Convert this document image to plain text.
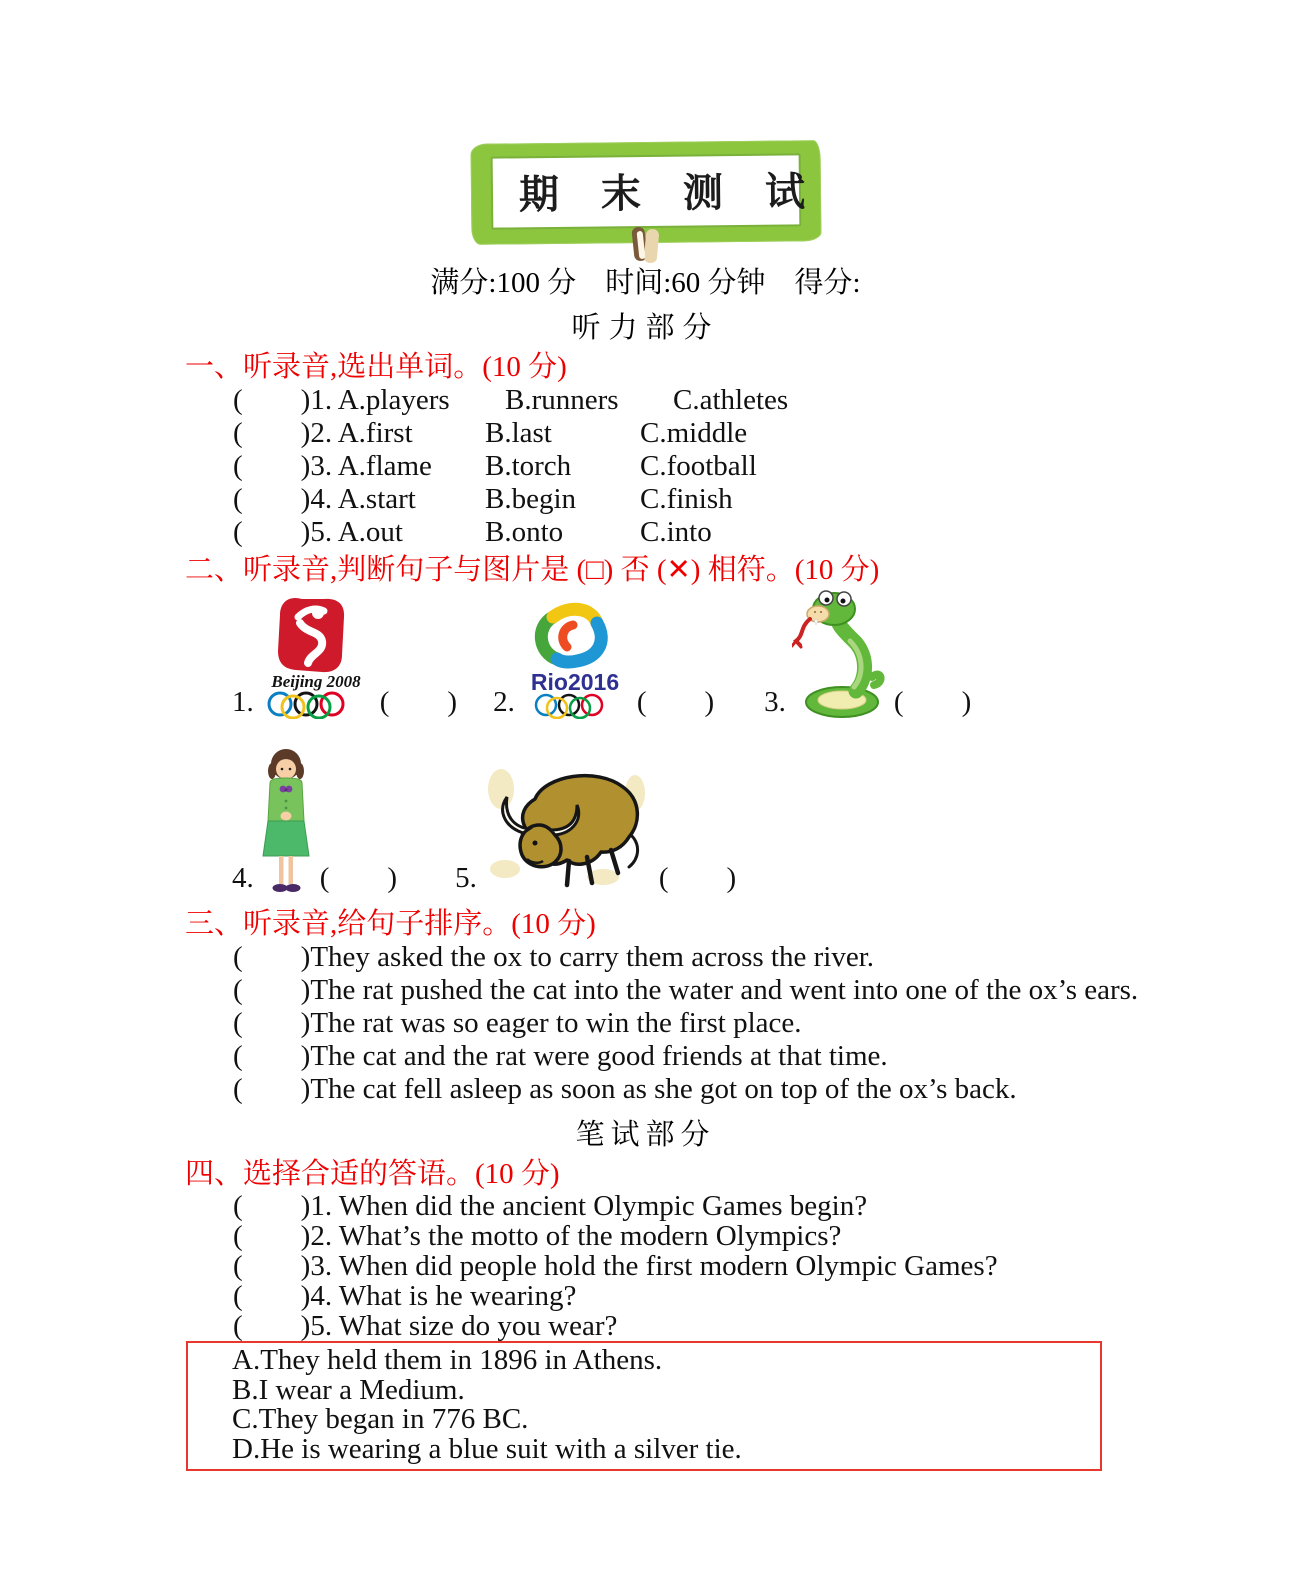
期 末 测 试
满分:100 分　时间:60 分钟　得分:
听力部分
一、听录音,选出单词。(10 分)
(　　)1. A.players	B.runners	C.athletes
(　　)2. A.first	B.last	C.middle
(　　)3. A.flame	B.torch	C.football
(　　)4. A.start	B.begin	C.finish
(　　)5. A.out	B.onto	C.into
二、听录音,判断句子与图片是 (□) 否 (✕) 相符。(10 分)
1.
Beijing 2008
(　　) 2.
Rio2016
(　　) 3.	(　　)
4. (　　) 5.	(　　)
三、听录音,给句子排序。(10 分)
(　　)They asked the ox to carry them across the river.
(　　)The rat pushed the cat into the water and went into one of the ox’s ears.
(　　)The rat was so eager to win the first place.
(　　)The cat and the rat were good friends at that time.
(　　)The cat fell asleep as soon as she got on top of the ox’s back.
笔试部分
四、选择合适的答语。(10 分)
(　　)1. When did the ancient Olympic Games begin?
(　　)2. What’s the motto of the modern Olympics?
(　　)3. When did people hold the first modern Olympic Games?
(　　)4. What is he wearing?
(　　)5. What size do you wear?
A.They held them in 1896 in Athens.
B.I wear a Medium.
C.They began in 776 BC.
D.He is wearing a blue suit with a silver tie.
